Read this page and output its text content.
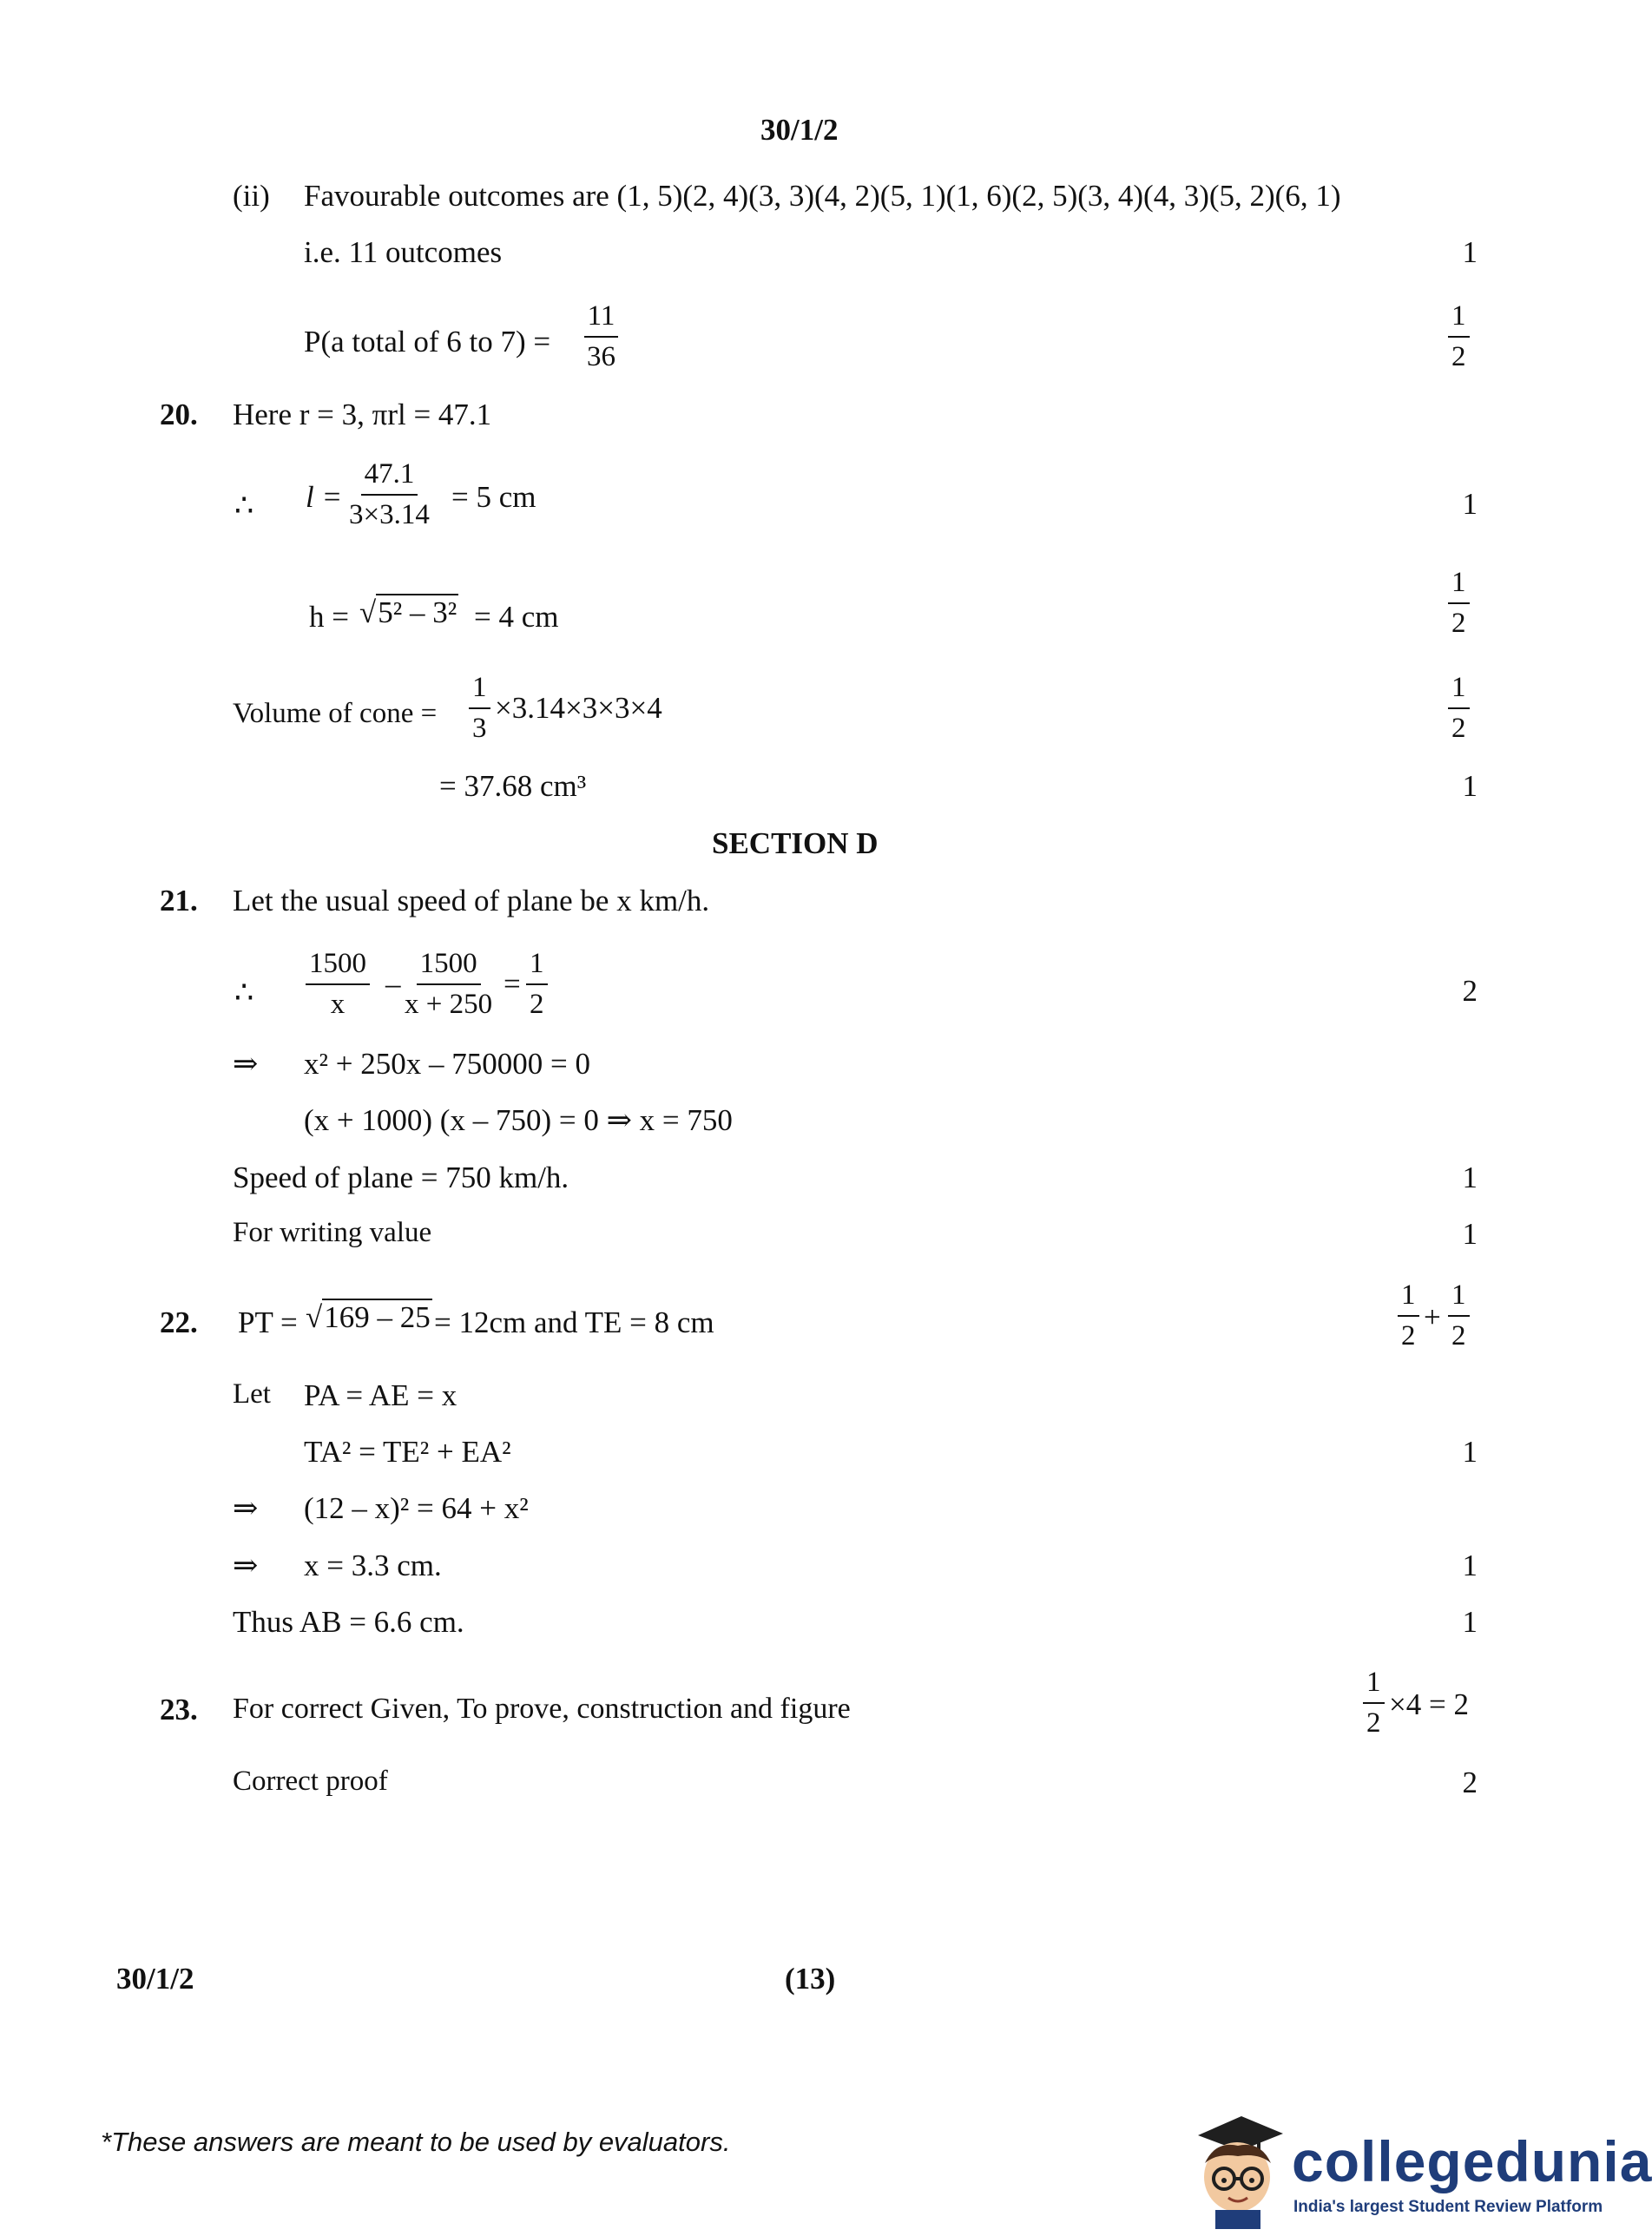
30/1/2
(ii) Favourable outcomes are (1, 5)(2, 4)(3, 3)(4, 2)(5, 1)(1, 6)(2, 5)(3, 4)(4, 3)(5, 2)(6, 1)
i.e. 11 outcomes	1
P(a total of 6 to $7) = \frac{11}{36}$	$\frac{1}{2}$
20. Here r = 3, πrl = 47.1
∴ $l = \frac{47.1}{3\times 3.14} = 5$ cm	1
h = √5² – 3² = 4 cm	$\frac{1}{2}$
Volume of cone = $\frac{1}{3} \times 3.14\times 3\times 3\times 4$	$\frac{1}{2}$
= 37.68 cm³	1
SECTION D
21. Let the usual speed of plane be x km/h.
∴ $\frac{1500}{x} - \frac{1500}{x + 250} = \frac{1}{2}$	2
⇒ x² + 250x – 750000 = 0
(x + 1000) (x – 750) = 0 ⇒ x = 750
Speed of plane = 750 km/h.	1
For writing value	1
22. PT = √169 – 25 = 12cm and TE = 8 cm	$\frac{1}{2} + \frac{1}{2}$
Let PA = AE = x
TA² = TE² + EA²	1
⇒ (12 – x)² = 64 + x²
⇒ x = 3.3 cm.	1
Thus AB = 6.6 cm.	1
23. For correct Given, To prove, construction and figure	$\frac{1}{2} \times 4 = 2$
Correct proof	2
30/1/2	(13)
*These answers are meant to be used by evaluators.	collegedunia
India's largest Student Review Platform
